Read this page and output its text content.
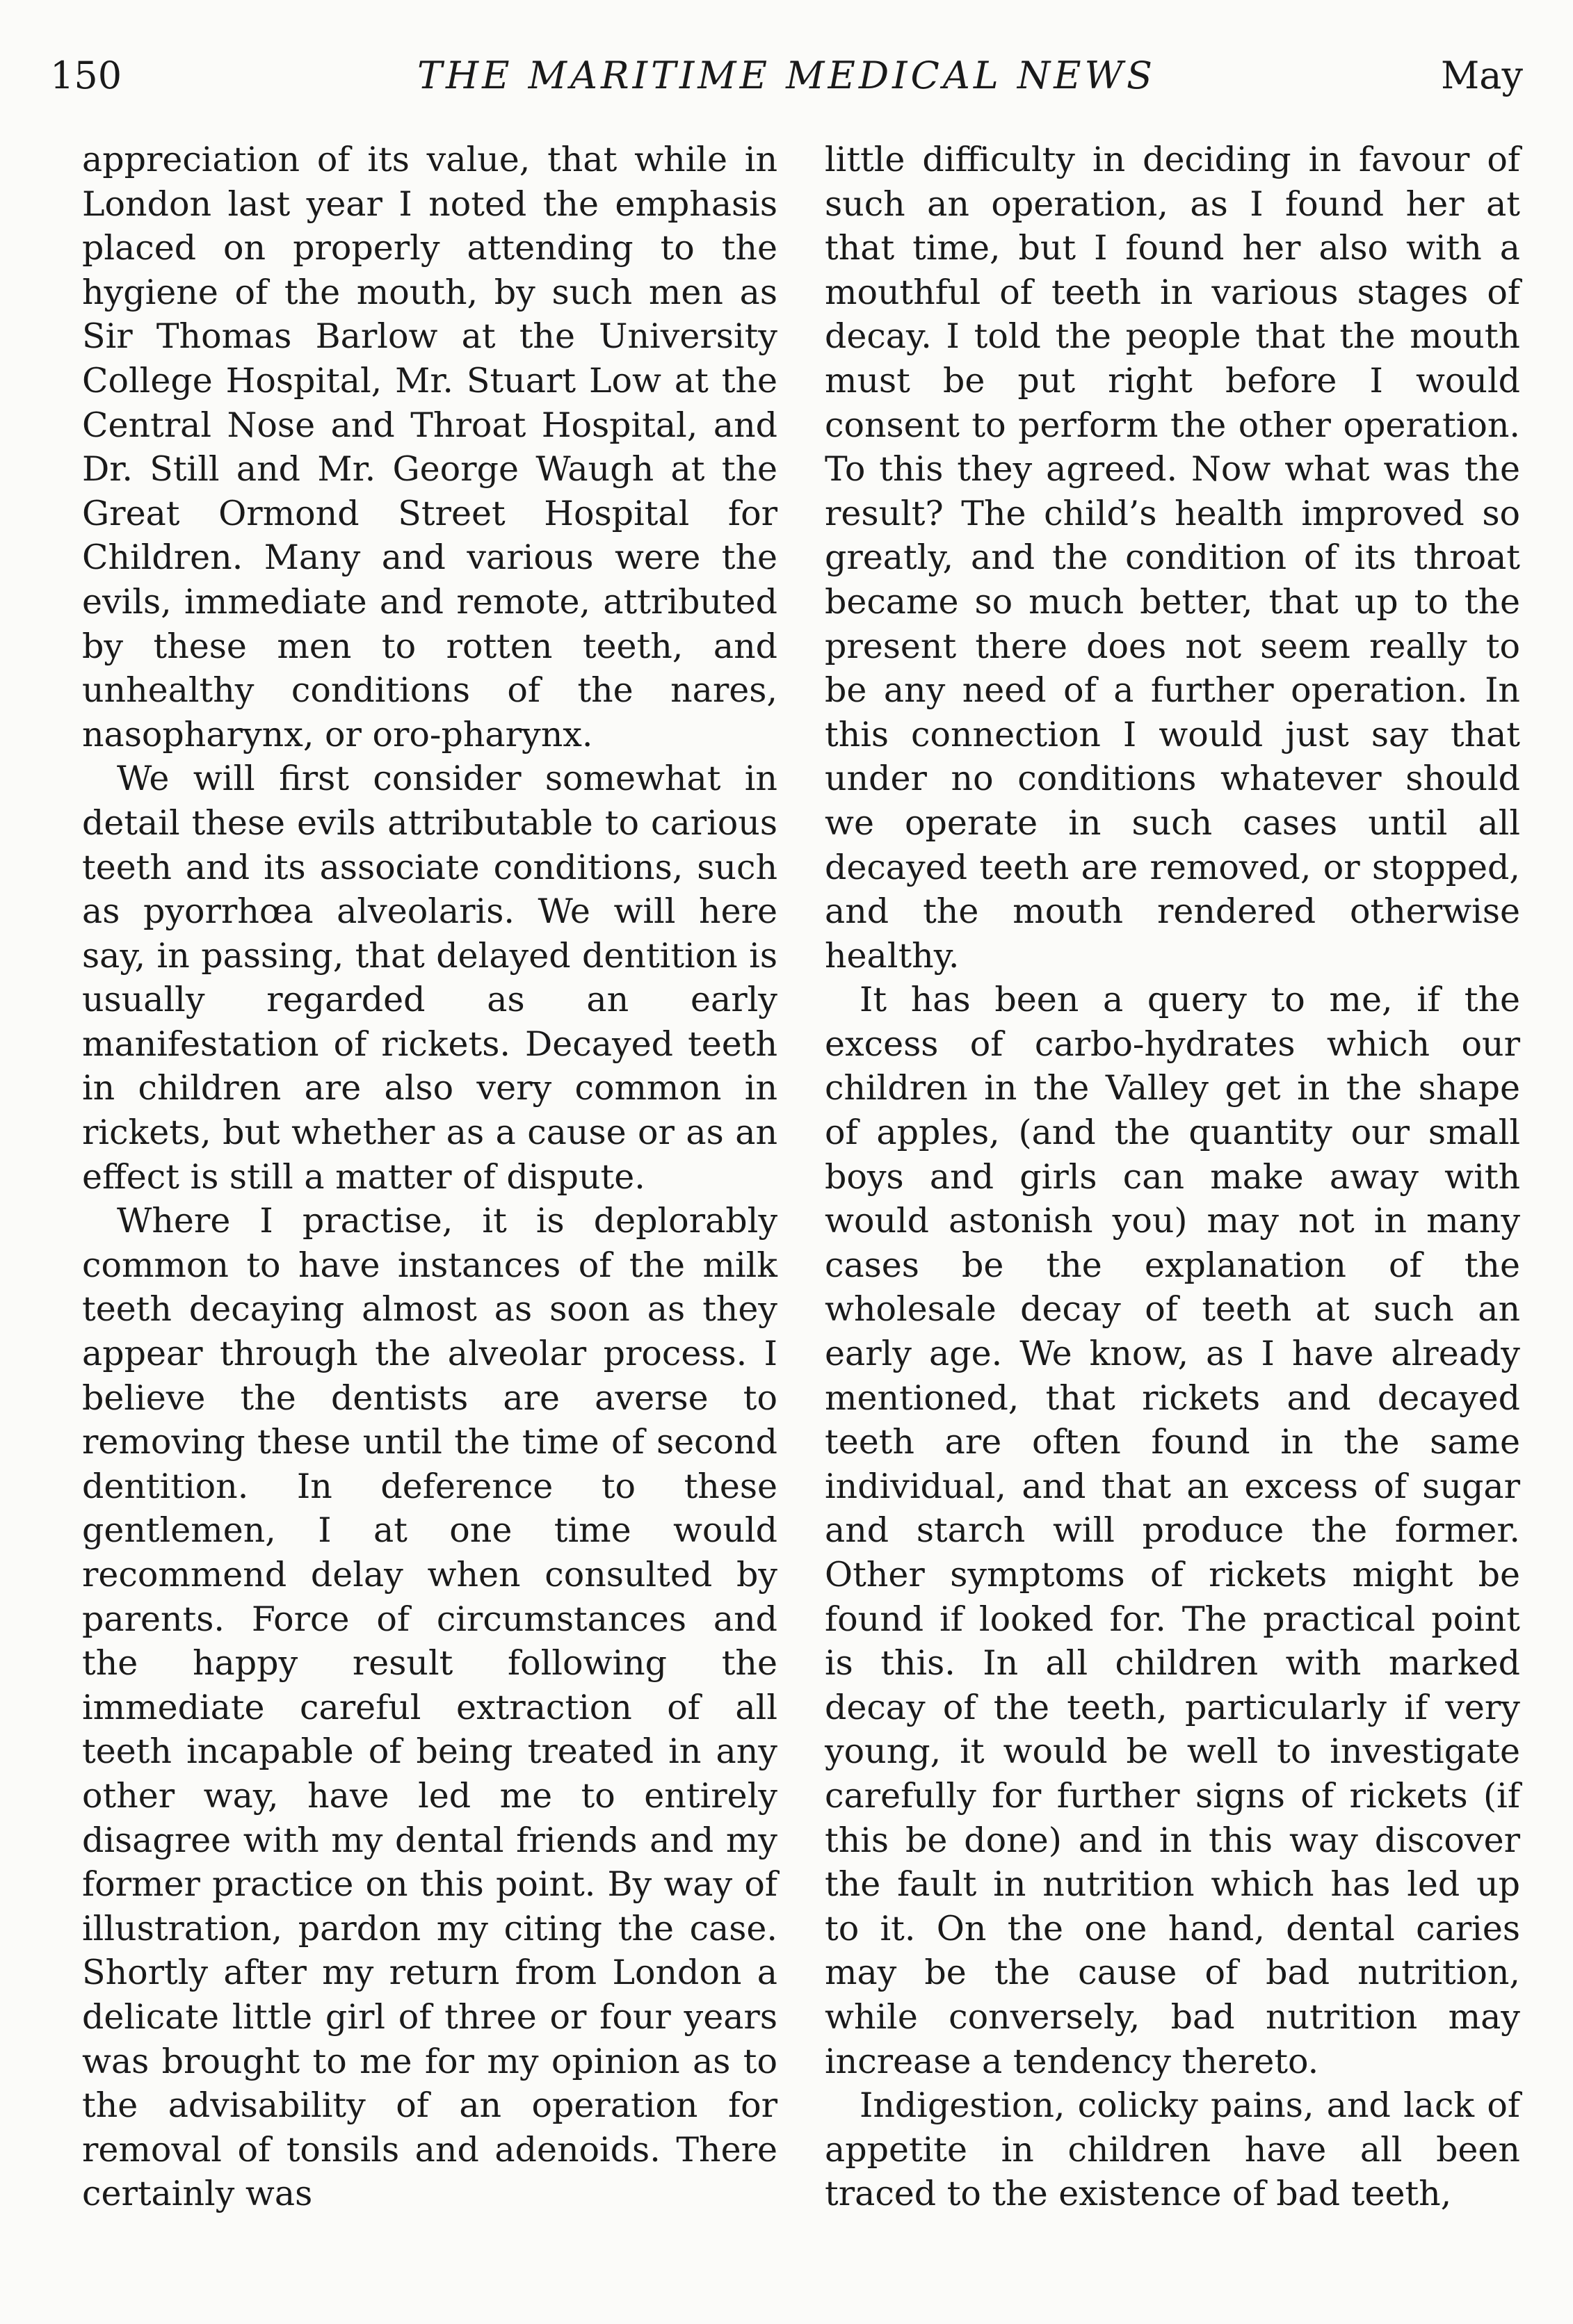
150	THE MARITIME MEDICAL NEWS	May

appreciation of its value, that while in London last year I noted the emphasis placed on properly attending to the hygiene of the mouth, by such men as Sir Thomas Barlow at the University College Hospital, Mr. Stuart Low at the Central Nose and Throat Hospital, and Dr. Still and Mr. George Waugh at the Great Ormond Street Hospital for Children. Many and various were the evils, immediate and remote, attributed by these men to rotten teeth, and unhealthy conditions of the nares, nasopharynx, or oro-pharynx.

We will first consider somewhat in detail these evils attributable to carious teeth and its associate conditions, such as pyorrhœa alveolaris. We will here say, in passing, that delayed dentition is usually regarded as an early manifestation of rickets. Decayed teeth in children are also very common in rickets, but whether as a cause or as an effect is still a matter of dispute.

Where I practise, it is deplorably common to have instances of the milk teeth decaying almost as soon as they appear through the alveolar process. I believe the dentists are averse to removing these until the time of second dentition. In deference to these gentlemen, I at one time would recommend delay when consulted by parents. Force of circumstances and the happy result following the immediate careful extraction of all teeth incapable of being treated in any other way, have led me to entirely disagree with my dental friends and my former practice on this point. By way of illustration, pardon my citing the case. Shortly after my return from London a delicate little girl of three or four years was brought to me for my opinion as to the advisability of an operation for removal of tonsils and adenoids. There certainly was

little difficulty in deciding in favour of such an operation, as I found her at that time, but I found her also with a mouthful of teeth in various stages of decay. I told the people that the mouth must be put right before I would consent to perform the other operation. To this they agreed. Now what was the result? The child’s health improved so greatly, and the condition of its throat became so much better, that up to the present there does not seem really to be any need of a further operation. In this connection I would just say that under no conditions whatever should we operate in such cases until all decayed teeth are removed, or stopped, and the mouth rendered otherwise healthy.

It has been a query to me, if the excess of carbo-hydrates which our children in the Valley get in the shape of apples, (and the quantity our small boys and girls can make away with would astonish you) may not in many cases be the explanation of the wholesale decay of teeth at such an early age. We know, as I have already mentioned, that rickets and decayed teeth are often found in the same individual, and that an excess of sugar and starch will produce the former. Other symptoms of rickets might be found if looked for. The practical point is this. In all children with marked decay of the teeth, particularly if very young, it would be well to investigate carefully for further signs of rickets (if this be done) and in this way discover the fault in nutrition which has led up to it. On the one hand, dental caries may be the cause of bad nutrition, while conversely, bad nutrition may increase a tendency thereto.

Indigestion, colicky pains, and lack of appetite in children have all been traced to the existence of bad teeth,
